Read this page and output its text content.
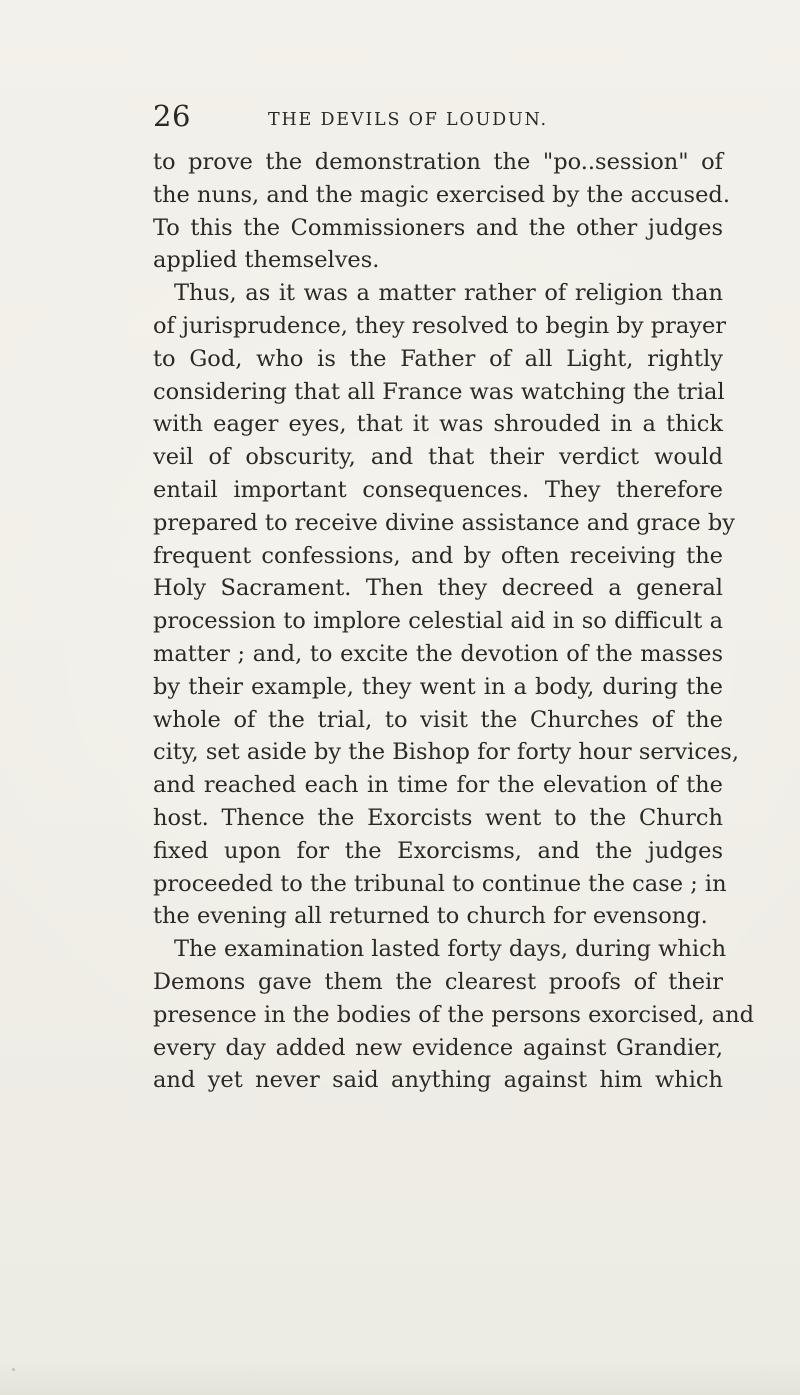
26	THE DEVILS OF LOUDUN.
to prove the demonstration the "po..session" of
the nuns, and the magic exercised by the accused.
To this the Commissioners and the other judges
applied themselves.
Thus, as it was a matter rather of religion than
of jurisprudence, they resolved to begin by prayer
to God, who is the Father of all Light, rightly
considering that all France was watching the trial
with eager eyes, that it was shrouded in a thick
veil of obscurity, and that their verdict would
entail important consequences. They therefore
prepared to receive divine assistance and grace by
frequent confessions, and by often receiving the
Holy Sacrament. Then they decreed a general
procession to implore celestial aid in so difficult a
matter ; and, to excite the devotion of the masses
by their example, they went in a body, during the
whole of the trial, to visit the Churches of the
city, set aside by the Bishop for forty hour services,
and reached each in time for the elevation of the
host. Thence the Exorcists went to the Church
fixed upon for the Exorcisms, and the judges
proceeded to the tribunal to continue the case ; in
the evening all returned to church for evensong.
The examination lasted forty days, during which
Demons gave them the clearest proofs of their
presence in the bodies of the persons exorcised, and
every day added new evidence against Grandier,
and yet never said anything against him which
